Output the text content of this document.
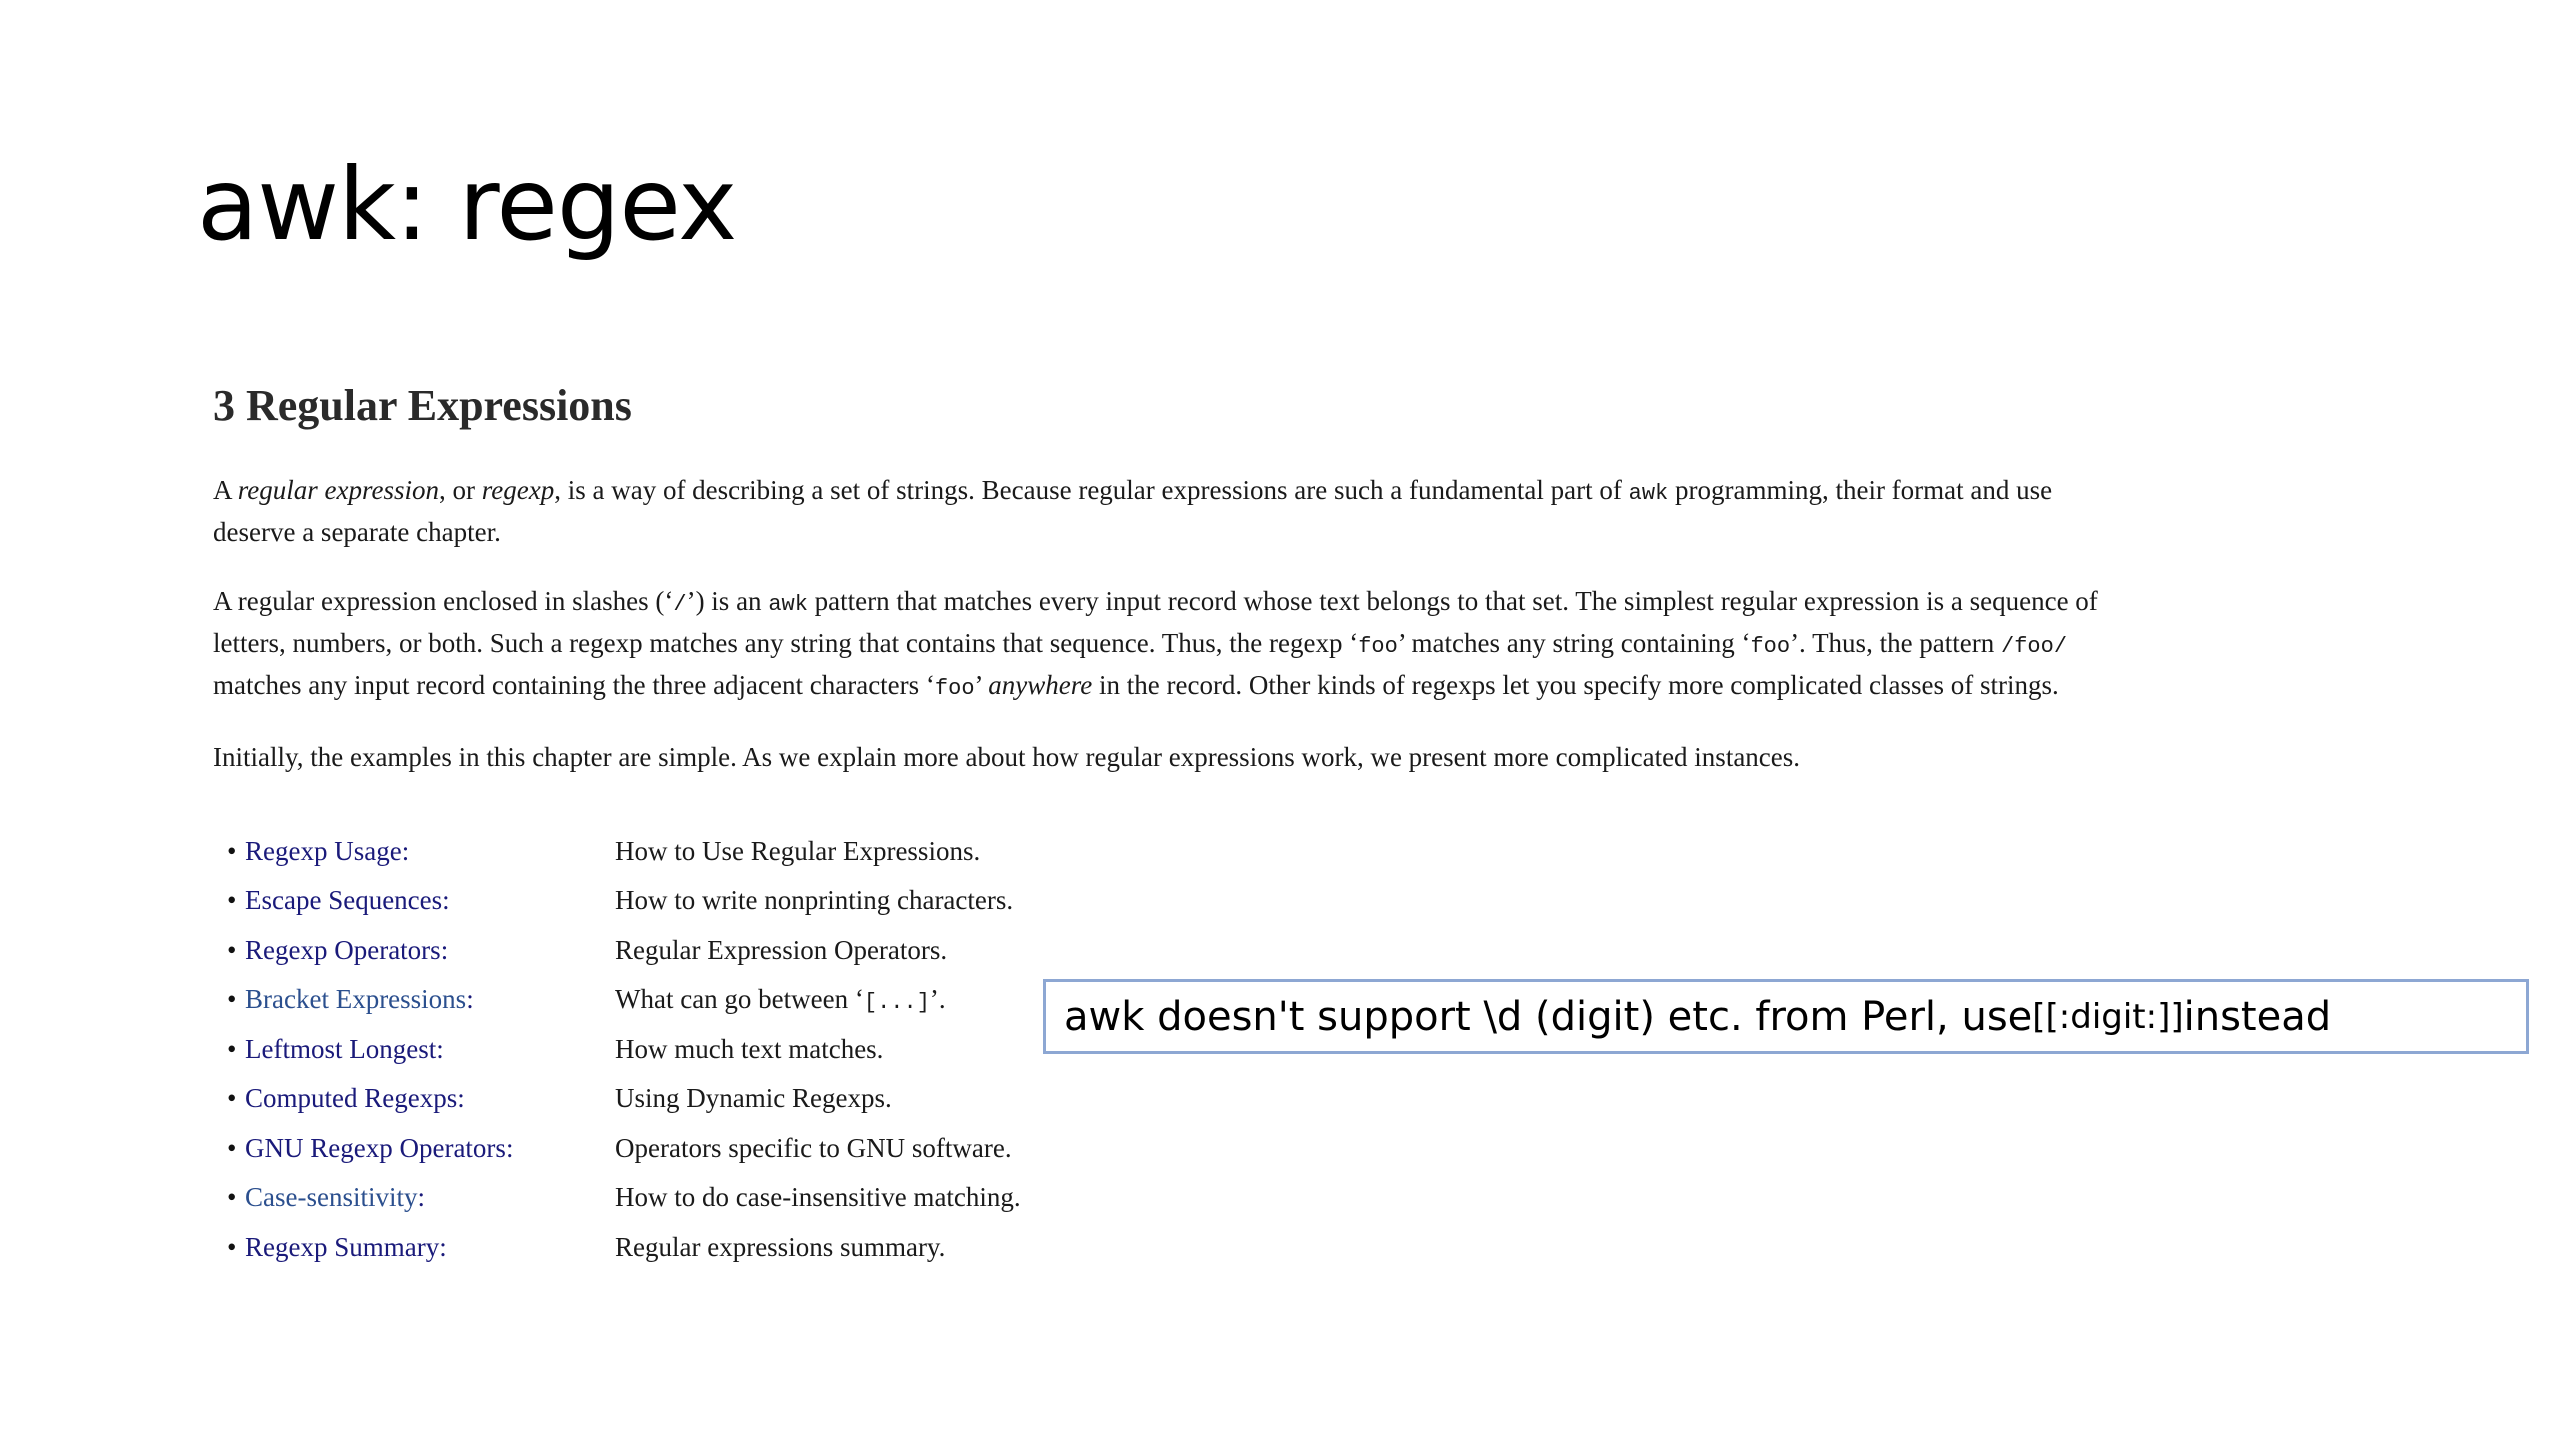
awk: regex
3 Regular Expressions

A regular expression, or regexp, is a way of describing a set of strings. Because regular expressions are such a fundamental part of awk programming, their format and use deserve a separate chapter.

A regular expression enclosed in slashes (‘/’) is an awk pattern that matches every input record whose text belongs to that set. The simplest regular expression is a sequence of letters, numbers, or both. Such a regexp matches any string that contains that sequence. Thus, the regexp ‘foo’ matches any string containing ‘foo’. Thus, the pattern /foo/ matches any input record containing the three adjacent characters ‘foo’ anywhere in the record. Other kinds of regexps let you specify more complicated classes of strings.

Initially, the examples in this chapter are simple. As we explain more about how regular expressions work, we present more complicated instances.

• Regexp Usage:	How to Use Regular Expressions.
• Escape Sequences:	How to write nonprinting characters.
• Regexp Operators:	Regular Expression Operators.
• Bracket Expressions:	What can go between ‘[...]’.
• Leftmost Longest:	How much text matches.
• Computed Regexps:	Using Dynamic Regexps.
• GNU Regexp Operators:	Operators specific to GNU software.
• Case-sensitivity:	How to do case-insensitive matching.
• Regexp Summary:	Regular expressions summary.
awk doesn't support \d (digit) etc. from Perl, use [[:digit:]] instead
